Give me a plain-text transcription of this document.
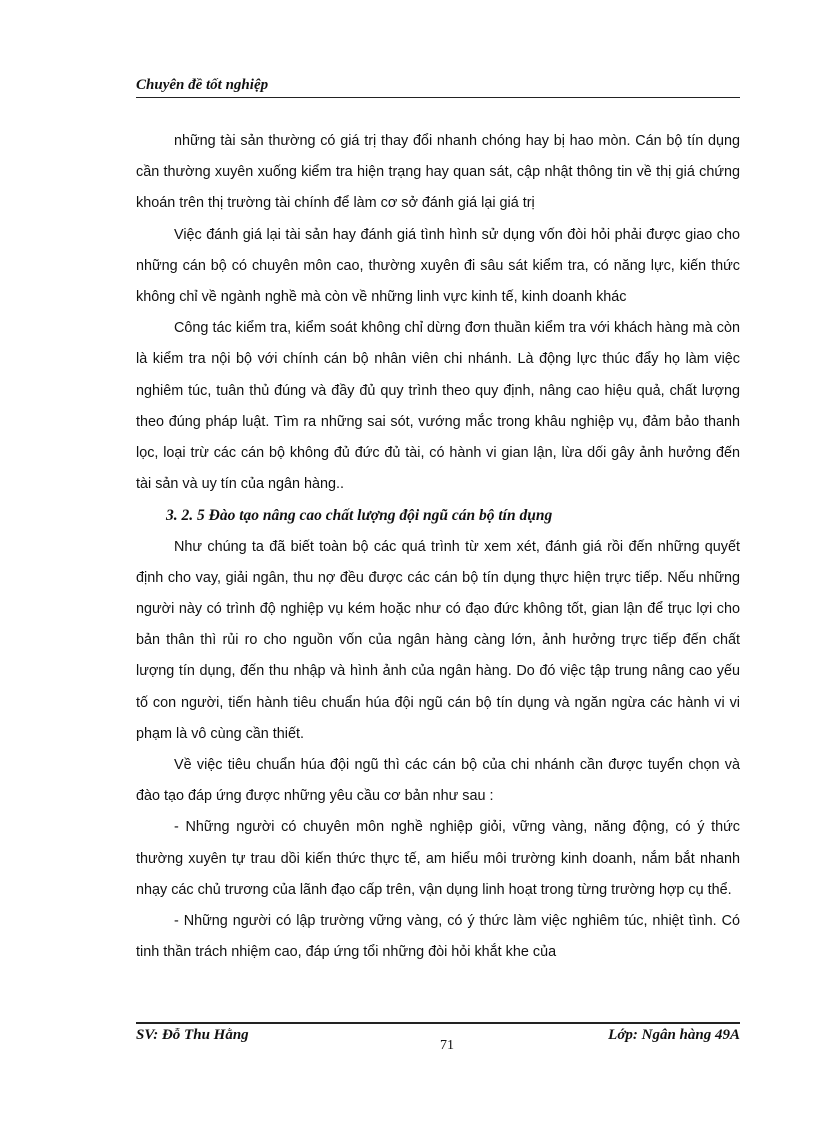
Chuyên đề tốt nghiệp

những tài sản thường có giá trị thay đổi nhanh chóng hay bị hao mòn. Cán bộ tín dụng cần thường xuyên xuống kiểm tra hiện trạng hay quan sát, cập nhật thông tin về thị giá chứng khoán trên thị trường tài chính để làm cơ sở đánh giá lại giá trị

Việc đánh giá lại tài sản hay đánh giá tình hình sử dụng vốn đòi hỏi phải được giao cho những cán bộ có chuyên môn cao, thường xuyên đi sâu sát kiểm tra, có năng lực, kiến thức không chỉ về ngành nghề mà còn về những linh vực kinh tế, kinh doanh khác

Công tác kiểm tra, kiểm soát không chỉ dừng đơn thuần kiểm tra với khách hàng mà còn là kiểm tra nội bộ với chính cán bộ nhân viên chi nhánh. Là động lực thúc đẩy họ làm việc nghiêm túc, tuân thủ đúng và đầy đủ quy trình theo quy định, nâng cao hiệu quả, chất lượng theo đúng pháp luật. Tìm ra những sai sót, vướng mắc trong khâu nghiệp vụ, đảm bảo thanh lọc, loại trừ các cán bộ không đủ đức đủ tài, có hành vi gian lận, lừa dối gây ảnh hưởng đến tài sản và uy tín của ngân hàng..

3. 2. 5 Đào tạo nâng cao chất lượng đội ngũ cán bộ tín dụng

Như chúng ta đã biết toàn bộ các quá trình từ xem xét, đánh giá rồi đến những quyết định cho vay, giải ngân, thu nợ đều được các cán bộ tín dụng thực hiện trực tiếp. Nếu những người này có trình độ nghiệp vụ kém hoặc như có đạo đức không tốt, gian lận để trục lợi cho bản thân thì rủi ro cho nguồn vốn của ngân hàng càng lớn, ảnh hưởng trực tiếp đến chất lượng tín dụng, đến thu nhập và hình ảnh của ngân hàng. Do đó việc tập trung nâng cao yếu tố con người, tiến hành tiêu chuẩn húa đội ngũ cán bộ tín dụng và ngăn ngừa các hành vi vi phạm là vô cùng cần thiết.

Về việc tiêu chuẩn húa đội ngũ thì các cán bộ của chi nhánh cần được tuyển chọn và đào tạo đáp ứng được những yêu cầu cơ bản như sau :

- Những người có chuyên môn nghề nghiệp giỏi, vững vàng, năng động, có ý thức thường xuyên tự trau dồi kiến thức thực tế, am hiểu môi trường kinh doanh, nắm bắt nhanh nhạy các chủ trương của lãnh đạo cấp trên, vận dụng linh hoạt trong từng trường hợp cụ thể.

- Những người có lập trường vững vàng, có ý thức làm việc nghiêm túc, nhiệt tình. Có tinh thần trách nhiệm cao, đáp ứng tổi những đòi hỏi khắt khe của

SV: Đỗ Thu Hằng
71
Lớp: Ngân hàng 49A
